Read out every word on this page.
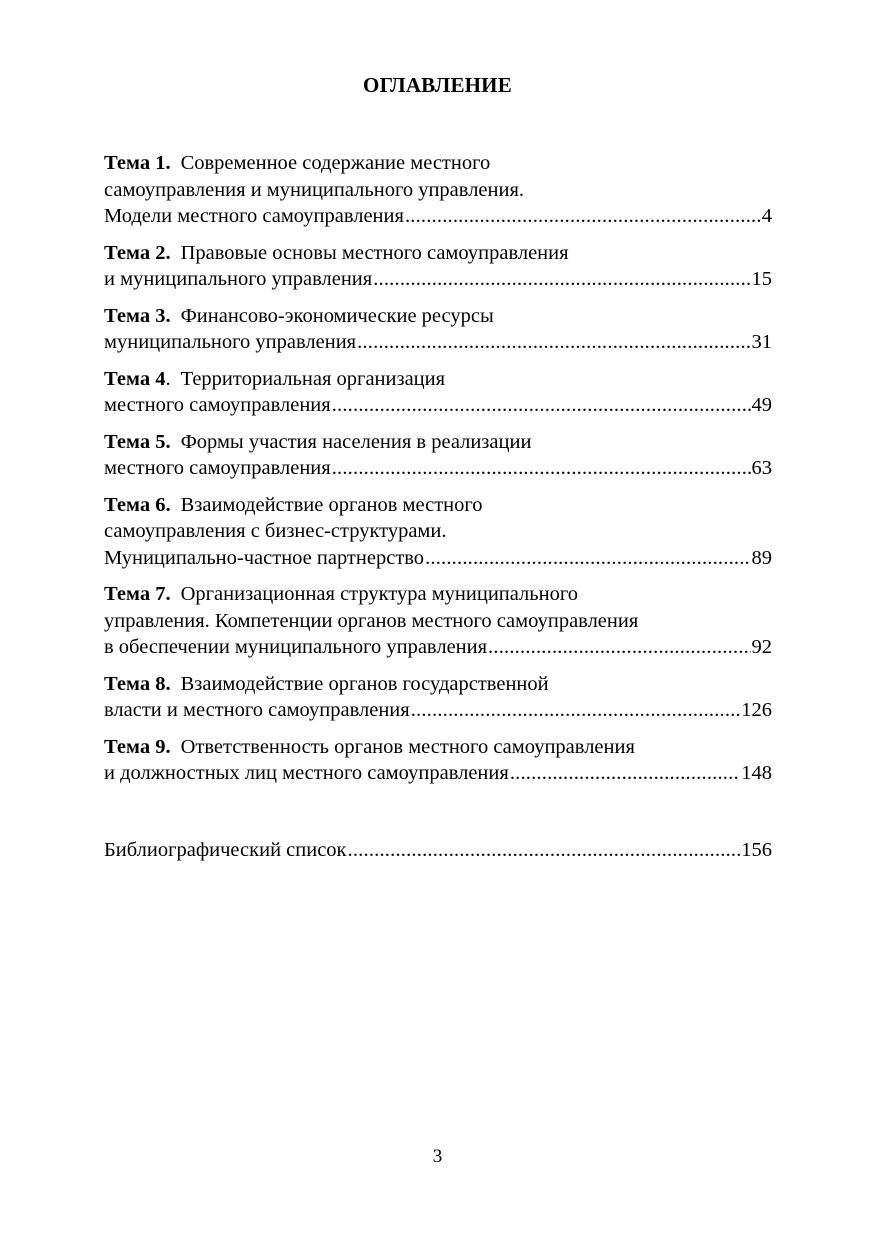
ОГЛАВЛЕНИЕ
Тема 1. Современное содержание местного
самоуправления и муниципального управления.
Модели местного самоуправления .....	4
Тема 2. Правовые основы местного самоуправления
и муниципального управления .....	15
Тема 3. Финансово-экономические ресурсы
муниципального управления .....	31
Тема 4. Территориальная организация
местного самоуправления .....	49
Тема 5. Формы участия населения в реализации
местного самоуправления .....	63
Тема 6. Взаимодействие органов местного
самоуправления с бизнес-структурами.
Муниципально-частное партнерство .....	89
Тема 7. Организационная структура муниципального
управления. Компетенции органов местного самоуправления
в обеспечении муниципального управления .....	92
Тема 8. Взаимодействие органов государственной
власти и местного самоуправления .....	126
Тема 9. Ответственность органов местного самоуправления
и должностных лиц местного самоуправления .....	148
Библиографический список .....	156
3
